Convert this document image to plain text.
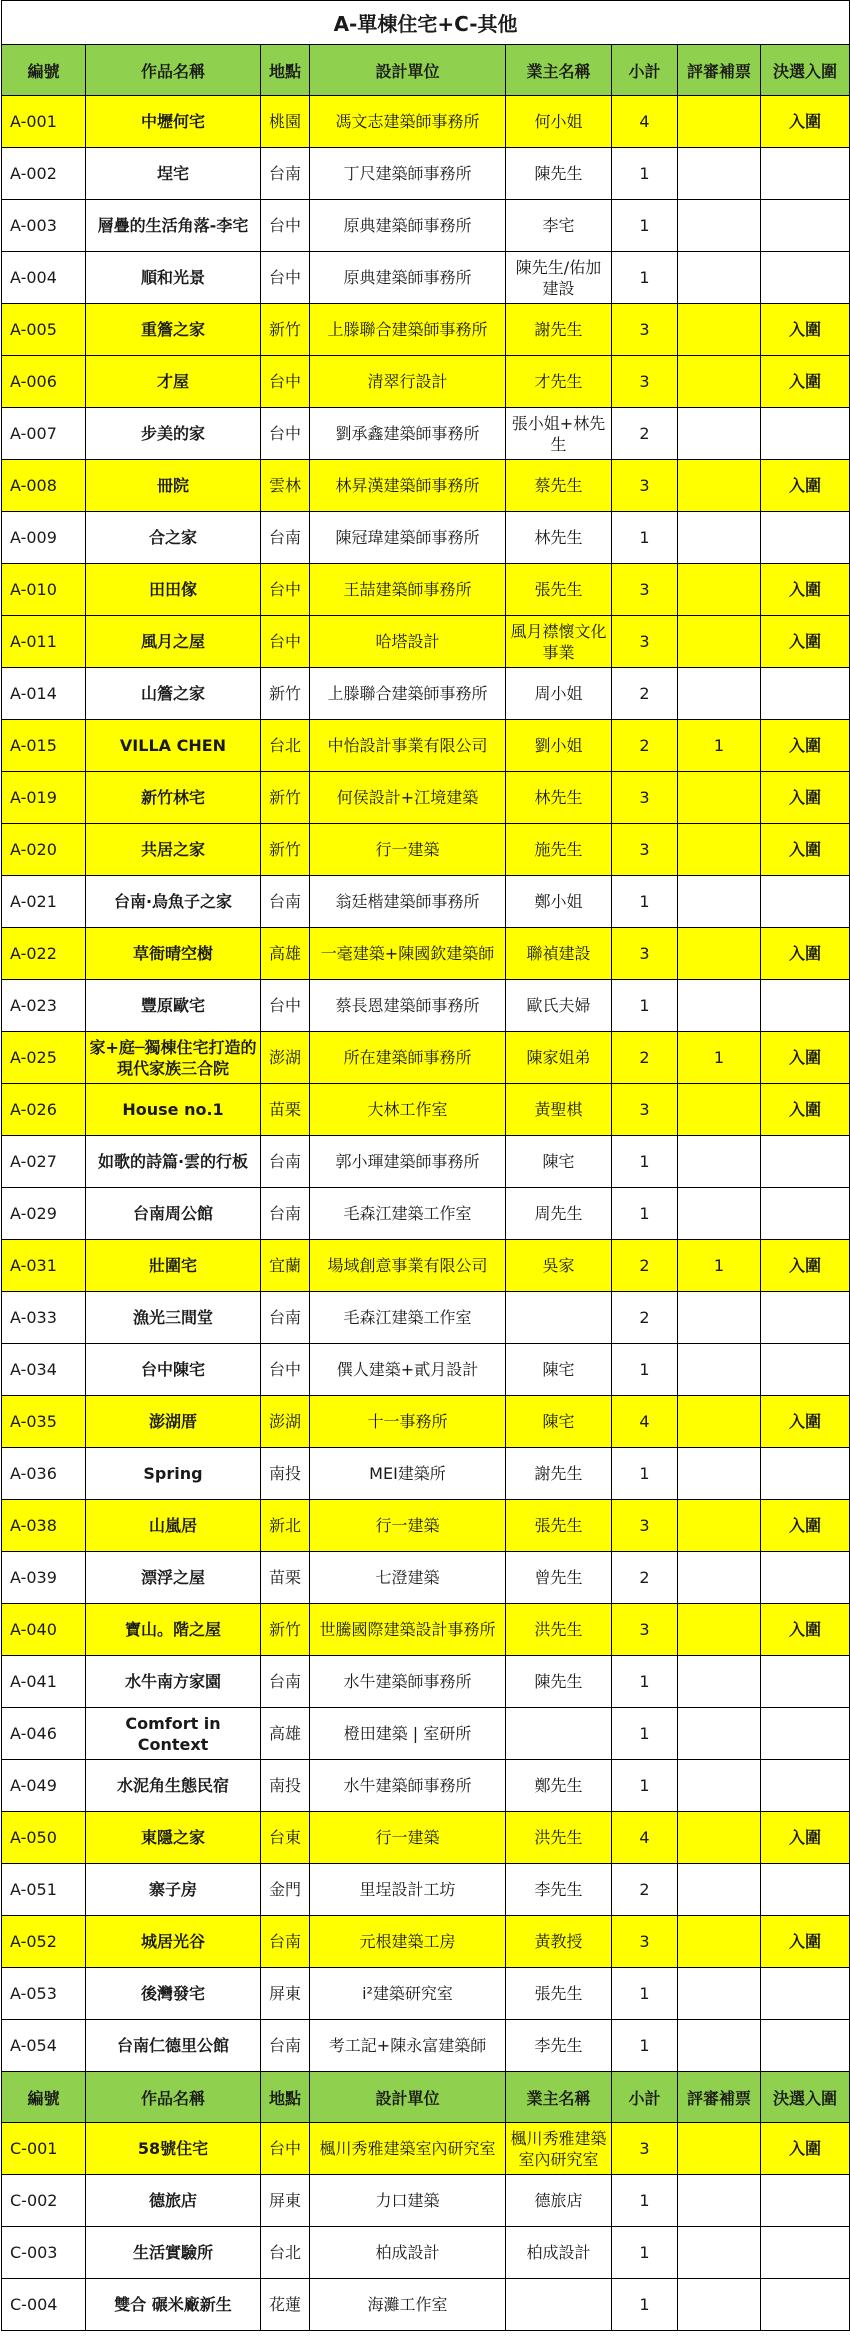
A-單棟住宅+C-其他							
編號	作品名稱	地點	設計單位	業主名稱	小計	評審補票	決選入圍
A-001	中壢何宅	桃園	馮文志建築師事務所	何小姐	4		入圍
A-002	埕宅	台南	丁尺建築師事務所	陳先生	1		
A-003	層疊的生活角落-李宅	台中	原典建築師事務所	李宅	1		
A-004	順和光景	台中	原典建築師事務所	陳先生/佑加建設	1		
A-005	重簷之家	新竹	上滕聯合建築師事務所	謝先生	3		入圍
A-006	才屋	台中	清翠行設計	才先生	3		入圍
A-007	步美的家	台中	劉承鑫建築師事務所	張小姐+林先生	2		
A-008	冊院	雲林	林昇漢建築師事務所	蔡先生	3		入圍
A-009	合之家	台南	陳冠瑋建築師事務所	林先生	1		
A-010	田田傢	台中	王喆建築師事務所	張先生	3		入圍
A-011	風月之屋	台中	哈塔設計	風月襟懷文化事業	3		入圍
A-014	山簷之家	新竹	上滕聯合建築師事務所	周小姐	2		
A-015	VILLA CHEN	台北	中怡設計事業有限公司	劉小姐	2	1	入圍
A-019	新竹林宅	新竹	何侯設計+江境建築	林先生	3		入圍
A-020	共居之家	新竹	行一建築	施先生	3		入圍
A-021	台南·烏魚子之家	台南	翁廷楷建築師事務所	鄭小姐	1		
A-022	草衙晴空樹	高雄	一毫建築+陳國欽建築師	聯禎建設	3		入圍
A-023	豐原歐宅	台中	蔡長恩建築師事務所	歐氏夫婦	1		
A-025	家+庭─獨棟住宅打造的現代家族三合院	澎湖	所在建築師事務所	陳家姐弟	2	1	入圍
A-026	House no.1	苗栗	大林工作室	黃聖棋	3		入圍
A-027	如歌的詩篇·雲的行板	台南	郭小琿建築師事務所	陳宅	1		
A-029	台南周公館	台南	毛森江建築工作室	周先生	1		
A-031	壯圍宅	宜蘭	場域創意事業有限公司	吳家	2	1	入圍
A-033	漁光三間堂	台南	毛森江建築工作室		2		
A-034	台中陳宅	台中	僎人建築+貳月設計	陳宅	1		
A-035	澎湖厝	澎湖	十一事務所	陳宅	4		入圍
A-036	Spring	南投	MEI建築所	謝先生	1		
A-038	山嵐居	新北	行一建築	張先生	3		入圍
A-039	漂浮之屋	苗栗	七澄建築	曾先生	2		
A-040	寶山。階之屋	新竹	世騰國際建築設計事務所	洪先生	3		入圍
A-041	水牛南方家園	台南	水牛建築師事務所	陳先生	1		
A-046	Comfort in Context	高雄	橙田建築 | 室研所		1		
A-049	水泥角生態民宿	南投	水牛建築師事務所	鄭先生	1		
A-050	東隱之家	台東	行一建築	洪先生	4		入圍
A-051	寨子房	金門	里埕設計工坊	李先生	2		
A-052	城居光谷	台南	元根建築工房	黃教授	3		入圍
A-053	後灣發宅	屏東	i²建築研究室	張先生	1		
A-054	台南仁德里公館	台南	考工記+陳永富建築師	李先生	1		
編號	作品名稱	地點	設計單位	業主名稱	小計	評審補票	決選入圍
C-001	58號住宅	台中	楓川秀雅建築室內研究室	楓川秀雅建築室內研究室	3		入圍
C-002	德旅店	屏東	力口建築	德旅店	1		
C-003	生活實驗所	台北	柏成設計	柏成設計	1		
C-004	雙合 碾米廠新生	花蓮	海灘工作室		1		
